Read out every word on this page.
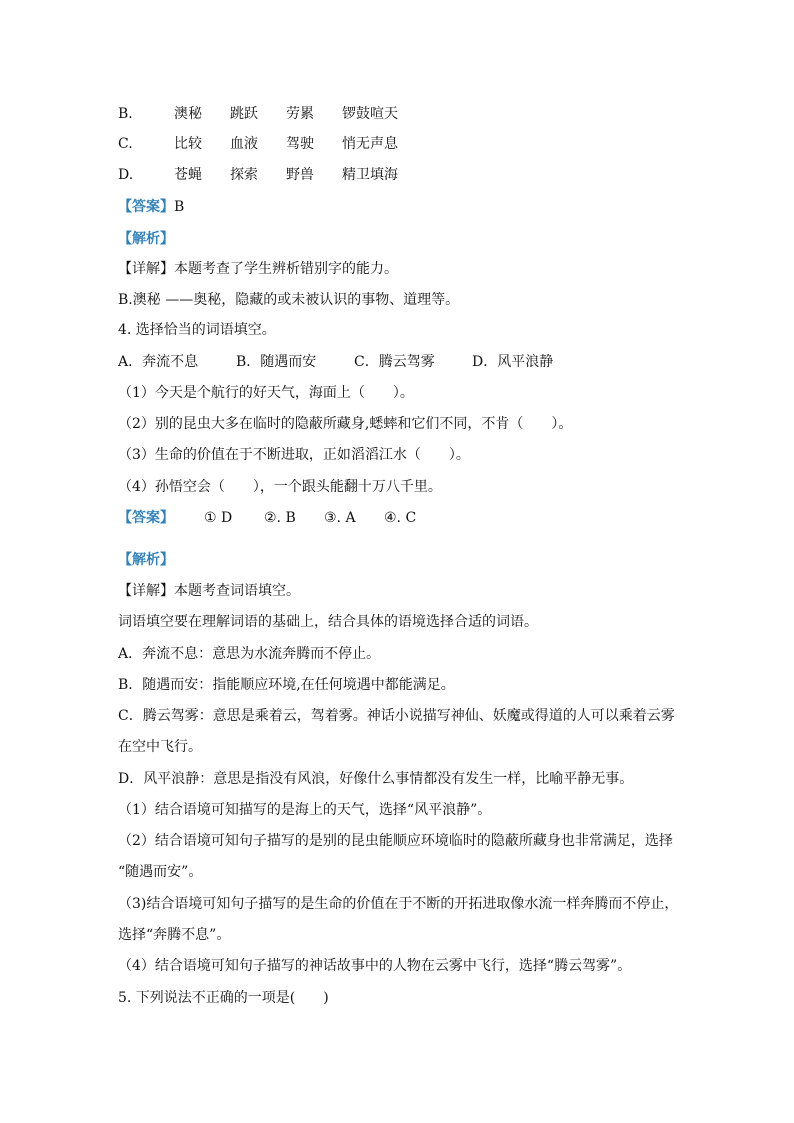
B.	澳秘 跳跃 劳累 锣鼓喧天
C.	比较 血液 驾驶 悄无声息
D.	苍蝇 探索 野兽 精卫填海
【答案】B
【解析】
【详解】本题考查了学生辨析错别字的能力。
B.澳秘 ——奥秘，隐藏的或未被认识的事物、道理等。
4. 选择恰当的词语填空。
A．奔流不息	B．随遇而安	C．腾云驾雾	D．风平浪静
（1）今天是个航行的好天气，海面上（　　）。
（2）别的昆虫大多在临时的隐蔽所藏身,蟋蟀和它们不同，不肯（　　）。
（3）生命的价值在于不断进取，正如滔滔江水（　　）。
（4）孙悟空会（　　），一个跟头能翻十万八千里。
【答案】 ① D ②. B ③. A ④. C
【解析】
【详解】本题考查词语填空。
词语填空要在理解词语的基础上，结合具体的语境选择合适的词语。
A．奔流不息：意思为水流奔腾而不停止。
B．随遇而安：指能顺应环境,在任何境遇中都能满足。
C．腾云驾雾：意思是乘着云，驾着雾。神话小说描写神仙、妖魔或得道的人可以乘着云雾
在空中飞行。
D．风平浪静：意思是指没有风浪，好像什么事情都没有发生一样，比喻平静无事。
（1）结合语境可知描写的是海上的天气，选择“风平浪静”。
（2）结合语境可知句子描写的是别的昆虫能顺应环境临时的隐蔽所藏身也非常满足，选择
“随遇而安”。
（3)结合语境可知句子描写的是生命的价值在于不断的开拓进取像水流一样奔腾而不停止，
选择“奔腾不息”。
（4）结合语境可知句子描写的神话故事中的人物在云雾中飞行，选择“腾云驾雾”。
5. 下列说法不正确的一项是(　　)
